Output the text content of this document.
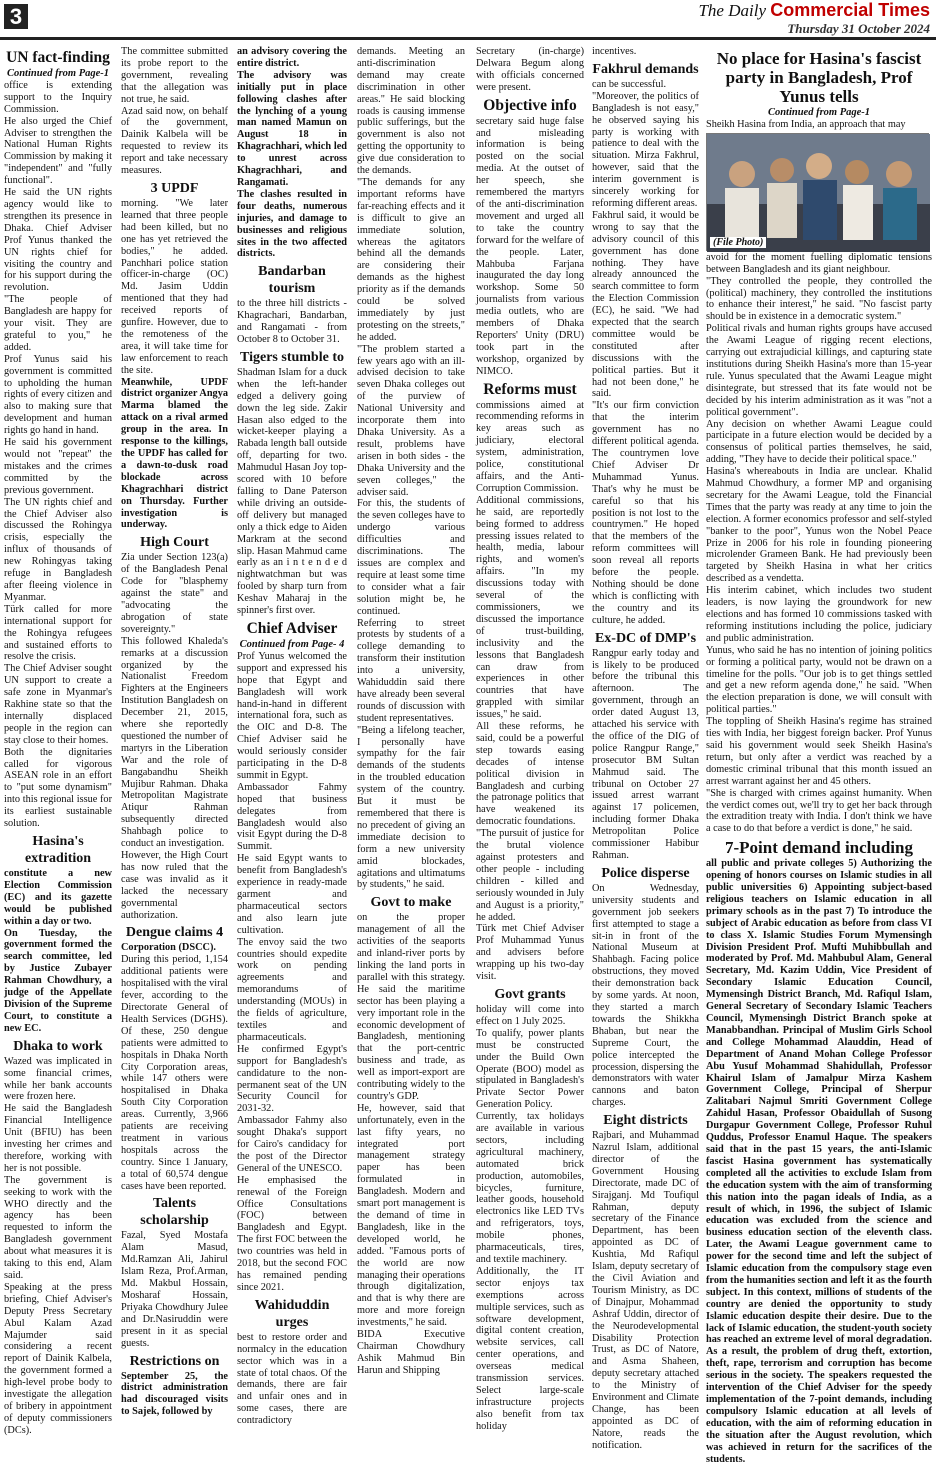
3	The Daily Commercial Times
Thursday 31 October 2024
UN fact-finding
Continued from Page-1

office is extending support to the Inquiry Commission.

He also urged the Chief Adviser to strengthen the National Human Rights Commission by making it "independent" and "fully functional".

He said the UN rights agency would like to strengthen its presence in Dhaka. Chief Adviser Prof Yunus thanked the UN rights chief for visiting the country and for his support during the revolution.

"The people of Bangladesh are happy for your visit. They are grateful to you," he added.

Prof Yunus said his government is committed to upholding the human rights of every citizen and also to making sure that development and human rights go hand in hand.

He said his government would not "repeat" the mistakes and the crimes committed by the previous government.

The UN rights chief and the Chief Adviser also discussed the Rohingya crisis, especially the influx of thousands of new Rohingyas taking refuge in Bangladesh after fleeing violence in Myanmar.

Türk called for more international support for the Rohingya refugees and sustained efforts to resolve the crisis.

The Chief Adviser sought UN support to create a safe zone in Myanmar's Rakhine state so that the internally displaced people in the region can stay close to their homes.

Both the dignitaries called for vigorous ASEAN role in an effort to "put some dynamism" into this regional issue for its earliest sustainable solution.

Hasina's extradition

constitute a new Election Commission (EC) and its gazette would be published within a day or two.

On Tuesday, the government formed the search committee, led by Justice Zubayer Rahman Chowdhury, a judge of the Appellate Division of the Supreme Court, to constitute a new EC.

Dhaka to work

Wazed was implicated in some financial crimes, while her bank accounts were frozen here.

He said the Bangladesh Financial Intelligence Unit (BFIU) has been investing her crimes and therefore, working with her is not possible.

The government is seeking to work with the WHO directly and the agency has been requested to inform the Bangladesh government about what measures it is taking to this end, Alam said.

Speaking at the press briefing, Chief Adviser's Deputy Press Secretary Abul Kalam Azad Majumder said considering a recent report of Dainik Kalbela, the government formed a high-level probe body to investigate the allegation of bribery in appointment of deputy commissioners (DCs).

The committee submitted its probe report to the government, revealing that the allegation was not true, he said.

Azad said now, on behalf of the government, Dainik Kalbela will be requested to review its report and take necessary measures.

3 UPDF

morning. "We later learned that three people had been killed, but no one has yet retrieved the bodies," he added. Panchhari police station officer-in-charge (OC) Md. Jasim Uddin mentioned that they had received reports of gunfire. However, due to the remoteness of the area, it will take time for law enforcement to reach the site.

Meanwhile, UPDF district organizer Angya Marma blamed the attack on a rival armed group in the area. In response to the killings, the UPDF has called for a dawn-to-dusk road blockade across Khagrachhari district on Thursday. Further investigation is underway.

High Court

Zia under Section 123(a) of the Bangladesh Penal Code for "blasphemy against the state" and "advocating the abrogation of state sovereignty."

This followed Khaleda's remarks at a discussion organized by the Nationalist Freedom Fighters at the Engineers Institution Bangladesh on December 21, 2015, where she reportedly questioned the number of martyrs in the Liberation War and the role of Bangabandhu Sheikh Mujibur Rahman. Dhaka Metropolitan Magistrate Atiqur Rahman subsequently directed Shahbagh police to conduct an investigation.

However, the High Court has now ruled that the case was invalid as it lacked the necessary governmental authorization.

Dengue claims 4

Corporation (DSCC).

During this period, 1,154 additional patients were hospitalised with the viral fever, according to the Directorate General of Health Services (DGHS). Of these, 250 dengue patients were admitted to hospitals in Dhaka North City Corporation areas, while 147 others were hospitalised in Dhaka South City Corporation areas. Currently, 3,966 patients are receiving treatment in various hospitals across the country. Since 1 January, a total of 60,574 dengue cases have been reported.

Talents scholarship

Fazal, Syed Mostafa Alam Masud, Md.Ramzan Ali, Jahirul Islam Reza, Prof.Arman, Md. Makbul Hossain, Mosharaf Hossain, Priyaka Chowdhury Julee and Dr.Nasiruddin were present in it as special guests.

Restrictions on

September 25, the district administration had discouraged visits to Sajek, followed by

an advisory covering the entire district.

The advisory was initially put in place following clashes after the lynching of a young man named Mamun on August 18 in Khagrachhari, which led to unrest across Khagrachhari, and Rangamati.

The clashes resulted in four deaths, numerous injuries, and damage to businesses and religious sites in the two affected districts.

Bandarban tourism

to the three hill districts - Khagrachari, Bandarban, and Rangamati - from October 8 to October 31.

Tigers stumble to

Shadman Islam for a duck when the left-hander edged a delivery going down the leg side. Zakir Hasan also edged to the wicket-keeper playing a Rabada length ball outside off, departing for two. Mahmudul Hasan Joy top-scored with 10 before falling to Dane Paterson while driving an outside-off delivery but managed only a thick edge to Aiden Markram at the second slip. Hasan Mahmud came early as an i n t e n d e d nightwatchman but was fooled by sharp turn from Keshav Maharaj in the spinner's first over.

Chief Adviser
Continued from Page- 4

Prof Yunus welcomed the support and expressed his hope that Egypt and Bangladesh will work hand-in-hand in different international fora, such as the OIC and D-8. The Chief Adviser said he would seriously consider participating in the D-8 summit in Egypt.

Ambassador Fahmy hoped that business delegates from Bangladesh would also visit Egypt during the D-8 Summit.

He said Egypt wants to benefit from Bangladesh's experience in ready-made garment and pharmaceutical sectors and also learn jute cultivation.

The envoy said the two countries should expedite work on pending agreements and memorandums of understanding (MOUs) in the fields of agriculture, textiles and pharmaceuticals.

He confirmed Egypt's support for Bangladesh's candidature to the non-permanent seat of the UN Security Council for 2031-32.

Ambassador Fahmy also sought Dhaka's support for Cairo's candidacy for the post of the Director General of the UNESCO.

He emphasised the renewal of the Foreign Office Consultations (FOC) between Bangladesh and Egypt. The first FOC between the two countries was held in 2018, but the second FOC has remained pending since 2021.

Wahiduddin urges

best to restore order and normalcy in the education sector which was in a state of total chaos. Of the demands, there are fair and unfair ones and in some cases, there are contradictory

demands. Meeting an anti-discrimination demand may create discrimination in other areas." He said blocking roads is causing immense public sufferings, but the government is also not getting the opportunity to give due consideration to the demands.

"The demands for any important reforms have far-reaching effects and it is difficult to give an immediate solution, whereas the agitators behind all the demands are considering their demands as the highest priority as if the demands could be solved immediately by just protesting on the streets," he added.

"The problem started a few years ago with an ill-advised decision to take seven Dhaka colleges out of the purview of National University and incorporate them into Dhaka University. As a result, problems have arisen in both sides - the Dhaka University and the seven colleges," the adviser said.

For this, the students of the seven colleges have to undergo various difficulties and discriminations. The issues are complex and require at least some time to consider what a fair solution might be, he continued.

Referring to street protests by students of a college demanding to transform their institution into a university, Wahiduddin said there have already been several rounds of discussion with student representatives.

"Being a lifelong teacher, I personally have sympathy for the fair demands of the students in the troubled education system of the country. But it must be remembered that there is no precedent of giving an immediate decision to form a new university amid blockades, agitations and ultimatums by students," he said.

Govt to make

on the proper management of all the activities of the seaports and inland-river ports by linking the land ports in parallel with this strategy. He said the maritime sector has been playing a very important role in the economic development of Bangladesh, mentioning that the port-centric business and trade, as well as import-export are contributing widely to the country's GDP.

He, however, said that unfortunately, even in the last fifty years, no integrated port management strategy paper has been formulated in Bangladesh. Modern and smart port management is the demand of time in Bangladesh, like in the developed world, he added. "Famous ports of the world are now managing their operations through digitalization, and that is why there are more and more foreign investments," he said.

BIDA Executive Chairman Chowdhury Ashik Mahmud Bin Harun and Shipping

Secretary (in-charge) Delwara Begum along with officials concerned were present.

Objective info

secretary said huge false and misleading information is being posted on the social media. At the outset of her speech, she remembered the martyrs of the anti-discrimination movement and urged all to take the country forward for the welfare of the people. Later, Mahbuba Farjana inaugurated the day long workshop. Some 50 journalists from various media outlets, who are members of Dhaka Reporters' Unity (DRU) took part in the workshop, organized by NIMCO.

Reforms must

commissions aimed at recommending reforms in key areas such as judiciary, electoral system, administration, police, constitutional affairs, and the Anti-Corruption Commission.

Additional commissions, he said, are reportedly being formed to address pressing issues related to health, media, labour rights, and women's affairs. "In my discussions today with several of the commissioners, we discussed the importance of trust-building, inclusivity and the lessons that Bangladesh can draw from experiences in other countries that have grappled with similar issues," he said.

All these reforms, he said, could be a powerful step towards easing decades of intense political division in Bangladesh and curbing the patronage politics that have weakened its democratic foundations.

"The pursuit of justice for the brutal violence against protesters and other people - including children - killed and seriously wounded in July and August is a priority," he added.

Türk met Chief Adviser Prof Muhammad Yunus and advisers before wrapping up his two-day visit.

Govt grants

holiday will come into effect on 1 July 2025.

To qualify, power plants must be constructed under the Build Own Operate (BOO) model as stipulated in Bangladesh's Private Sector Power Generation Policy.

Currently, tax holidays are available in various sectors, including agricultural machinery, automated brick production, automobiles, bicycles, furniture, leather goods, household electronics like LED TVs and refrigerators, toys, mobile phones, pharmaceuticals, tires, and textile machinery.

Additionally, the IT sector enjoys tax exemptions across multiple services, such as software development, digital content creation, website services, call center operations, and overseas medical transmission services. Select large-scale infrastructure projects also benefit from tax holiday

incentives.

Fakhrul demands

can be successful.

"Moreover, the politics of Bangladesh is not easy," he observed saying his party is working with patience to deal with the situation. Mirza Fakhrul, however, said that the interim government is sincerely working for reforming different areas.

Fakhrul said, it would be wrong to say that the advisory council of this government has done nothing. They have already announced the search committee to form the Election Commission (EC), he said. "We had expected that the search committee would be constituted after discussions with the political parties. But it had not been done," he said.

"It's our firm conviction that the interim government has no different political agenda. The countrymen love Chief Adviser Dr Muhammad Yunus. That's why he must be careful so that his position is not lost to the countrymen." He hoped that the members of the reform committees will soon reveal all reports before the people. Nothing should be done which is conflicting with the country and its culture, he added.

Ex-DC of DMP's

Rangpur early today and is likely to be produced before the tribunal this afternoon. The government, through an order dated August 13, attached his service with the office of the DIG of police Rangpur Range," prosecutor BM Sultan Mahmud said. The tribunal on October 27 issued arrest warrant against 17 policemen, including former Dhaka Metropolitan Police commissioner Habibur Rahman.

Police disperse

On Wednesday, university students and government job seekers first attempted to stage a sit-in in front of the National Museum at Shahbagh. Facing police obstructions, they moved their demonstration back by some yards. At noon, they started a march towards the Shikkha Bhaban, but near the Supreme Court, the police intercepted the procession, dispersing the demonstrators with water cannons and baton charges.

Eight districts

Rajbari, and Muhammad Nazrul Islam, additional director of the Government Housing Directorate, made DC of Sirajganj. Md Toufiqul Rahman, deputy secretary of the Finance Department, has been appointed as DC of Kushtia, Md Rafiqul Islam, deputy secretary of the Civil Aviation and Tourism Ministry, as DC of Dinajpur, Mohammad Ashraf Uddin, director of the Neurodevelopmental Disability Protection Trust, as DC of Natore, and Asma Shaheen, deputy secretary attached to the Ministry of Environment and Climate Change, has been appointed as DC of Natore, reads the notification.

No place for Hasina's fascist party in Bangladesh, Prof Yunus tells
Continued from Page-1

Sheikh Hasina from India, an approach that may

(File Photo)

avoid for the moment fuelling diplomatic tensions between Bangladesh and its giant neighbour.

"They controlled the people, they controlled the (political) machinery, they controlled the institutions to enhance their interest," he said. "No fascist party should be in existence in a democratic system."

Political rivals and human rights groups have accused the Awami League of rigging recent elections, carrying out extrajudicial killings, and capturing state institutions during Sheikh Hasina's more than 15-year rule. Yunus speculated that the Awami League might disintegrate, but stressed that its fate would not be decided by his interim administration as it was "not a political government".

Any decision on whether Awami League could participate in a future election would be decided by a consensus of political parties themselves, he said, adding, "They have to decide their political space."

Hasina's whereabouts in India are unclear. Khalid Mahmud Chowdhury, a former MP and organising secretary for the Awami League, told the Financial Times that the party was ready at any time to join the election. A former economics professor and self-styled "banker to the poor", Yunus won the Nobel Peace Prize in 2006 for his role in founding pioneering microlender Grameen Bank. He had previously been targeted by Sheikh Hasina in what her critics described as a vendetta.

His interim cabinet, which includes two student leaders, is now laying the groundwork for new elections and has formed 10 commissions tasked with reforming institutions including the police, judiciary and public administration.

Yunus, who said he has no intention of joining politics or forming a political party, would not be drawn on a timeline for the polls. "Our job is to get things settled and get a new reform agenda done," he said. "When the election preparation is done, we will consult with political parties."

The toppling of Sheikh Hasina's regime has strained ties with India, her biggest foreign backer. Prof Yunus said his government would seek Sheikh Hasina's return, but only after a verdict was reached by a domestic criminal tribunal that this month issued an arrest warrant against her and 45 others.

"She is charged with crimes against humanity. When the verdict comes out, we'll try to get her back through the extradition treaty with India. I don't think we have a case to do that before a verdict is done," he said.

7-Point demand including

all public and private colleges 5) Authorizing the opening of honors courses on Islamic studies in all public universities 6) Appointing subject-based religious teachers on Islamic education in all primary schools as in the past 7) To introduce the subject of Arabic education as before from class VI to class X. Islamic Studies Forum Mymensingh Division President Prof. Mufti Muhibbullah and moderated by Prof. Md. Mahbubul Alam, General Secretary, Md. Kazim Uddin, Vice President of Secondary Islamic Education Council, Mymensingh District Branch, Md. Rafiqul Islam, General Secretary of Secondary Islamic Teachers Council, Mymensingh District Branch spoke at Manabbandhan. Principal of Muslim Girls School and College Mohammad Alauddin, Head of Department of Anand Mohan College Professor Abu Yusuf Mohammad Shahidullah, Professor Khairul Islam of Jamalpur Mirza Kashem Government College, Principal of Sherpur Zalitabari Najmul Smriti Government College Zahidul Hasan, Professor Obaidullah of Susong Durgapur Government College, Professor Ruhul Quddus, Professor Enamul Haque. The speakers said that in the past 15 years, the anti-Islamic fascist Hasina government has systematically completed all the activities to exclude Islam from the education system with the aim of transforming this nation into the pagan ideals of India, as a result of which, in 1996, the subject of Islamic education was excluded from the science and business education section of the eleventh class. Later, the Awami League government came to power for the second time and left the subject of Islamic education from the compulsory stage even from the humanities section and left it as the fourth subject. In this context, millions of students of the country are denied the opportunity to study Islamic education despite their desire. Due to the lack of Islamic education, the student-youth society has reached an extreme level of moral degradation. As a result, the problem of drug theft, extortion, theft, rape, terrorism and corruption has become serious in the society. The speakers requested the intervention of the Chief Adviser for the speedy implementation of the 7-point demands, including compulsory Islamic education at all levels of education, with the aim of reforming education in the situation after the August revolution, which was achieved in return for the sacrifices of the students.
